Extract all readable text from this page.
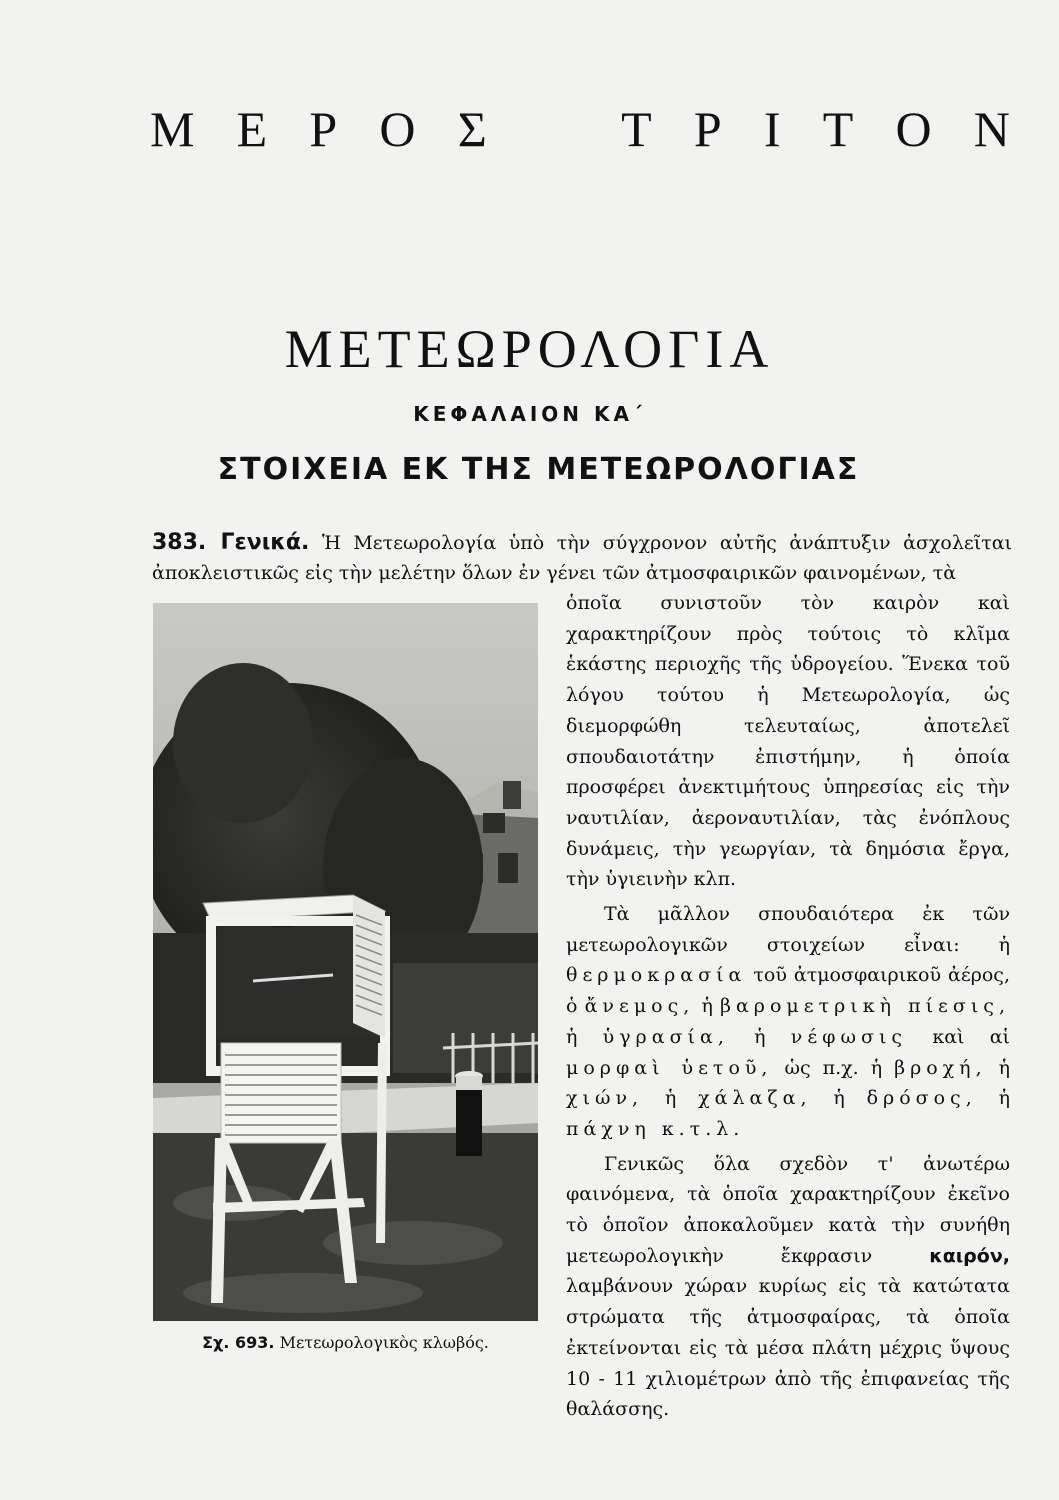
Μ Ε Ρ Ο Σ	Τ Ρ Ι Τ Ο Ν
ΜΕΤΕΩΡΟΛΟΓΙΑ
ΚΕΦΑΛΑΙΟΝ ΚΑ΄
ΣΤΟΙΧΕΙΑ ΕΚ ΤΗΣ ΜΕΤΕΩΡΟΛΟΓΙΑΣ
383. Γενικά. Ἡ Μετεωρολογία ὑπὸ τὴν σύγχρονον αὐτῆς ἀνάπτυξιν ἀσχολεῖται ἀποκλειστικῶς εἰς τὴν μελέτην ὅλων ἐν γένει τῶν ἀτμοσφαιρικῶν φαινομένων, τὰ
Σχ. 693. Μετεωρολογικὸς κλωβός.

ὁποῖα συνιστοῦν τὸν καιρὸν καὶ χαρακτηρίζουν πρὸς τούτοις τὸ κλῖμα ἑκάστης περιοχῆς τῆς ὑδρογείου. Ἕνεκα τοῦ λόγου τούτου ἡ Μετεωρολογία, ὡς διεμορφώθη τελευταίως, ἀποτελεῖ σπουδαιοτάτην ἐπιστήμην, ἡ ὁποία προσφέρει ἀνεκτιμήτους ὑπηρεσίας εἰς τὴν ναυτιλίαν, ἀεροναυτιλίαν, τὰς ἐνόπλους δυνάμεις, τὴν γεωργίαν, τὰ δημόσια ἔργα, τὴν ὑγιεινὴν κλπ.

Τὰ μᾶλλον σπουδαιότερα ἐκ τῶν μετεωρολογικῶν στοιχείων εἶναι: ἡ θερμοκρασία τοῦ ἀτμοσφαιρικοῦ ἀέρος, ὁ ἄνεμος, ἡ βαρομετρικὴ πίεσις, ἡ ὑγρασία, ἡ νέφωσις καὶ αἱ μορφαὶ ὑετοῦ, ὡς π.χ. ἡ βροχή, ἡ χιών, ἡ χάλαζα, ἡ δρόσος, ἡ πάχνη κ.τ.λ.

Γενικῶς ὅλα σχεδὸν τ' ἀνωτέρω φαινόμενα, τὰ ὁποῖα χαρακτηρίζουν ἐκεῖνο τὸ ὁποῖον ἀποκαλοῦμεν κατὰ τὴν συνήθη μετεωρολογικὴν ἔκφρασιν	καιρόν, λαμβάνουν χώραν κυρίως εἰς τὰ κατώτατα στρώματα τῆς ἀτμοσφαίρας, τὰ ὁποῖα ἐκτείνονται εἰς τὰ μέσα πλάτη μέχρις ὕψους 10 - 11 χιλιομέτρων ἀπὸ τῆς ἐπιφανείας τῆς θαλάσσης.
